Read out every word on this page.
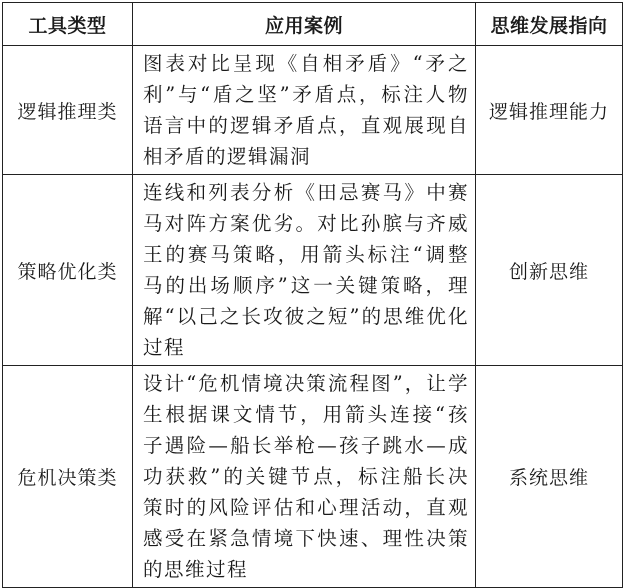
工具类型	应用案例	思维发展指向
逻辑推理类	图表对比呈现《自相矛盾》“矛之利”与“盾之坚”矛盾点，标注人物语言中的逻辑矛盾点，直观展现自相矛盾的逻辑漏洞	逻辑推理能力
策略优化类	连线和列表分析《田忌赛马》中赛马对阵方案优劣。对比孙膑与齐威王的赛马策略，用箭头标注“调整马的出场顺序”这一关键策略，理解“以己之长攻彼之短”的思维优化过程	创新思维
危机决策类	设计“危机情境决策流程图”，让学生根据课文情节，用箭头连接“孩子遇险—船长举枪—孩子跳水—成功获救”的关键节点，标注船长决策时的风险评估和心理活动，直观感受在紧急情境下快速、理性决策的思维过程	系统思维
